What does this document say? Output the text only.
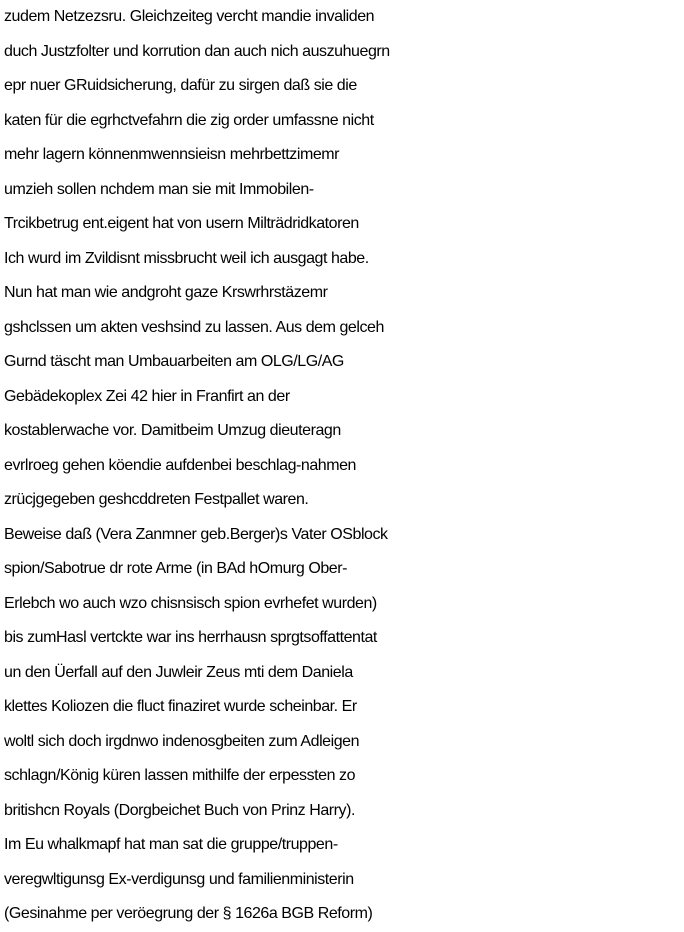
zudem Netzezsru. Gleichzeiteg vercht mandie invaliden
duch Justzfolter und korrution dan auch nich auszuhuegrn
epr nuer GRuidsicherung, dafür zu sirgen daß sie die
katen für die egrhctvefahrn die zig order umfassne nicht
mehr lagern könnenmwennsieisn mehrbettzimemr
umzieh sollen nchdem man sie mit Immobilen-
Trcikbetrug ent.eigent hat von usern Milträdridkatoren
Ich wurd im Zvildisnt missbrucht weil ich ausgagt habe.
Nun hat man wie andgroht gaze Krswrhrstäzemr
gshclssen um akten veshsind zu lassen. Aus dem gelceh
Gurnd täscht man Umbauarbeiten am OLG/LG/AG
Gebädekoplex Zei 42 hier in Franfirt an der
kostablerwache vor. Damitbeim Umzug dieuteragn
evrlroeg gehen köendie aufdenbei beschlag-nahmen
zrücjgegeben geshcddreten Festpallet waren.
Beweise daß (Vera Zanmner geb.Berger)s Vater OSblock
spion/Sabotrue dr rote Arme (in BAd hOmurg Ober-
Erlebch wo auch wzo chisnsisch spion evrhefet wurden)
bis zumHasl vertckte war ins herrhausn sprgtsoffattentat
un den Üerfall auf den Juwleir Zeus mti dem Daniela
klettes Koliozen die fluct finaziret wurde scheinbar. Er
woltl sich doch irgdnwo indenosgbeiten zum Adleigen
schlagn/König küren lassen mithilfe der erpessten zo
britishcn Royals (Dorgbeichet Buch von Prinz Harry).
Im Eu whalkmapf hat man sat die gruppe/truppen-
veregwltigunsg Ex-verdigunsg und familienministerin
(Gesinahme per veröegrung der § 1626a BGB Reform)
